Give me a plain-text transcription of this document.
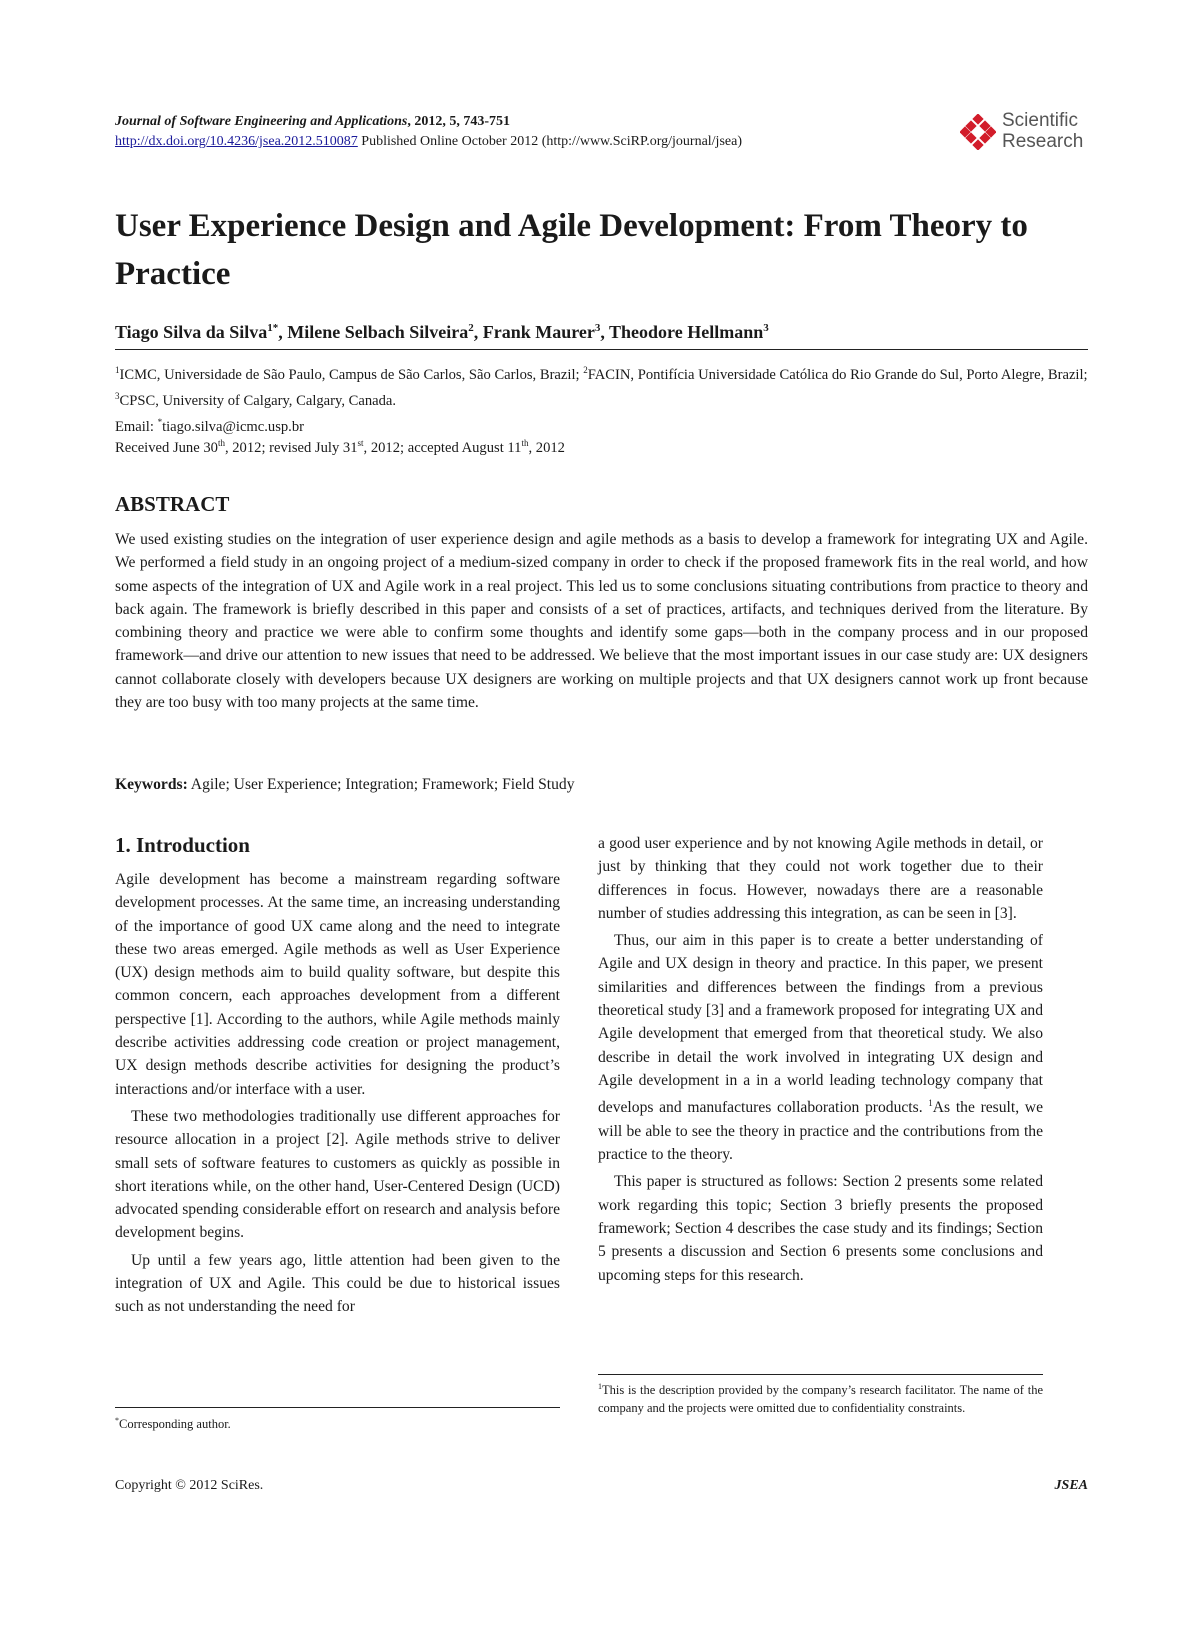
Journal of Software Engineering and Applications, 2012, 5, 743-751
http://dx.doi.org/10.4236/jsea.2012.510087 Published Online October 2012 (http://www.SciRP.org/journal/jsea)
Scientific
Research
User Experience Design and Agile Development: From Theory to Practice
Tiago Silva da Silva$^{1*}$, Milene Selbach Silveira$^2$, Frank Maurer$^3$, Theodore Hellmann$^3$
$^1$ICMC, Universidade de São Paulo, Campus de São Carlos, São Carlos, Brazil; $^2$FACIN, Pontifícia Universidade Católica do Rio Grande do Sul, Porto Alegre, Brazil; $^3$CPSC, University of Calgary, Calgary, Canada.
Email: *tiago.silva@icmc.usp.br
Received June 30th, 2012; revised July 31st, 2012; accepted August 11th, 2012
ABSTRACT

We used existing studies on the integration of user experience design and agile methods as a basis to develop a framework for integrating UX and Agile. We performed a field study in an ongoing project of a medium-sized company in order to check if the proposed framework fits in the real world, and how some aspects of the integration of UX and Agile work in a real project. This led us to some conclusions situating contributions from practice to theory and back again. The framework is briefly described in this paper and consists of a set of practices, artifacts, and techniques derived from the literature. By combining theory and practice we were able to confirm some thoughts and identify some gaps—both in the company process and in our proposed framework—and drive our attention to new issues that need to be addressed. We believe that the most important issues in our case study are: UX designers cannot collaborate closely with developers because UX designers are working on multiple projects and that UX designers cannot work up front because they are too busy with too many projects at the same time.

Keywords: Agile; User Experience; Integration; Framework; Field Study
1. Introduction

Agile development has become a mainstream regarding software development processes. At the same time, an increasing understanding of the importance of good UX came along and the need to integrate these two areas emerged. Agile methods as well as User Experience (UX) design methods aim to build quality software, but despite this common concern, each approaches development from a different perspective [1]. According to the authors, while Agile methods mainly describe activities addressing code creation or project management, UX design methods describe activities for designing the product’s interactions and/or interface with a user.

These two methodologies traditionally use different approaches for resource allocation in a project [2]. Agile methods strive to deliver small sets of software features to customers as quickly as possible in short iterations while, on the other hand, User-Centered Design (UCD) advocated spending considerable effort on research and analysis before development begins.

Up until a few years ago, little attention had been given to the integration of UX and Agile. This could be due to historical issues such as not understanding the need for

a good user experience and by not knowing Agile methods in detail, or just by thinking that they could not work together due to their differences in focus. However, nowadays there are a reasonable number of studies addressing this integration, as can be seen in [3].

Thus, our aim in this paper is to create a better understanding of Agile and UX design in theory and practice. In this paper, we present similarities and differences between the findings from a previous theoretical study [3] and a framework proposed for integrating UX and Agile development that emerged from that theoretical study. We also describe in detail the work involved in integrating UX design and Agile development in a in a world leading technology company that develops and manufactures collaboration products. $^1$As the result, we will be able to see the theory in practice and the contributions from the practice to the theory.

This paper is structured as follows: Section 2 presents some related work regarding this topic; Section 3 briefly presents the proposed framework; Section 4 describes the case study and its findings; Section 5 presents a discussion and Section 6 presents some conclusions and upcoming steps for this research.

*Corresponding author.
$^1$This is the description provided by the company’s research facilitator. The name of the company and the projects were omitted due to confidentiality constraints.
Copyright © 2012 SciRes.	JSEA
